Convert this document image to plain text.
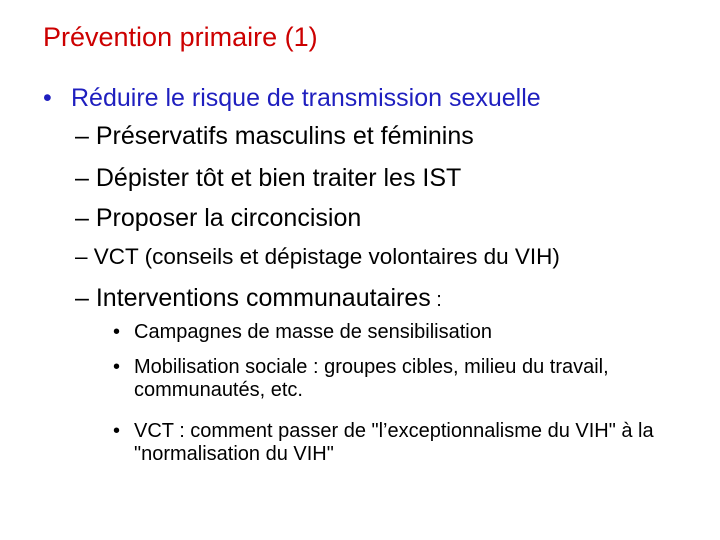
Prévention primaire (1)
• Réduire le risque de transmission sexuelle
– Préservatifs masculins et féminins
– Dépister tôt et bien traiter les IST
– Proposer la circoncision
– VCT (conseils et dépistage volontaires du VIH)
– Interventions communautaires :
• Campagnes de masse de sensibilisation
• Mobilisation sociale : groupes cibles, milieu du travail, communautés, etc.
• VCT : comment passer de "l’exceptionnalisme du VIH" à la "normalisation du VIH"
